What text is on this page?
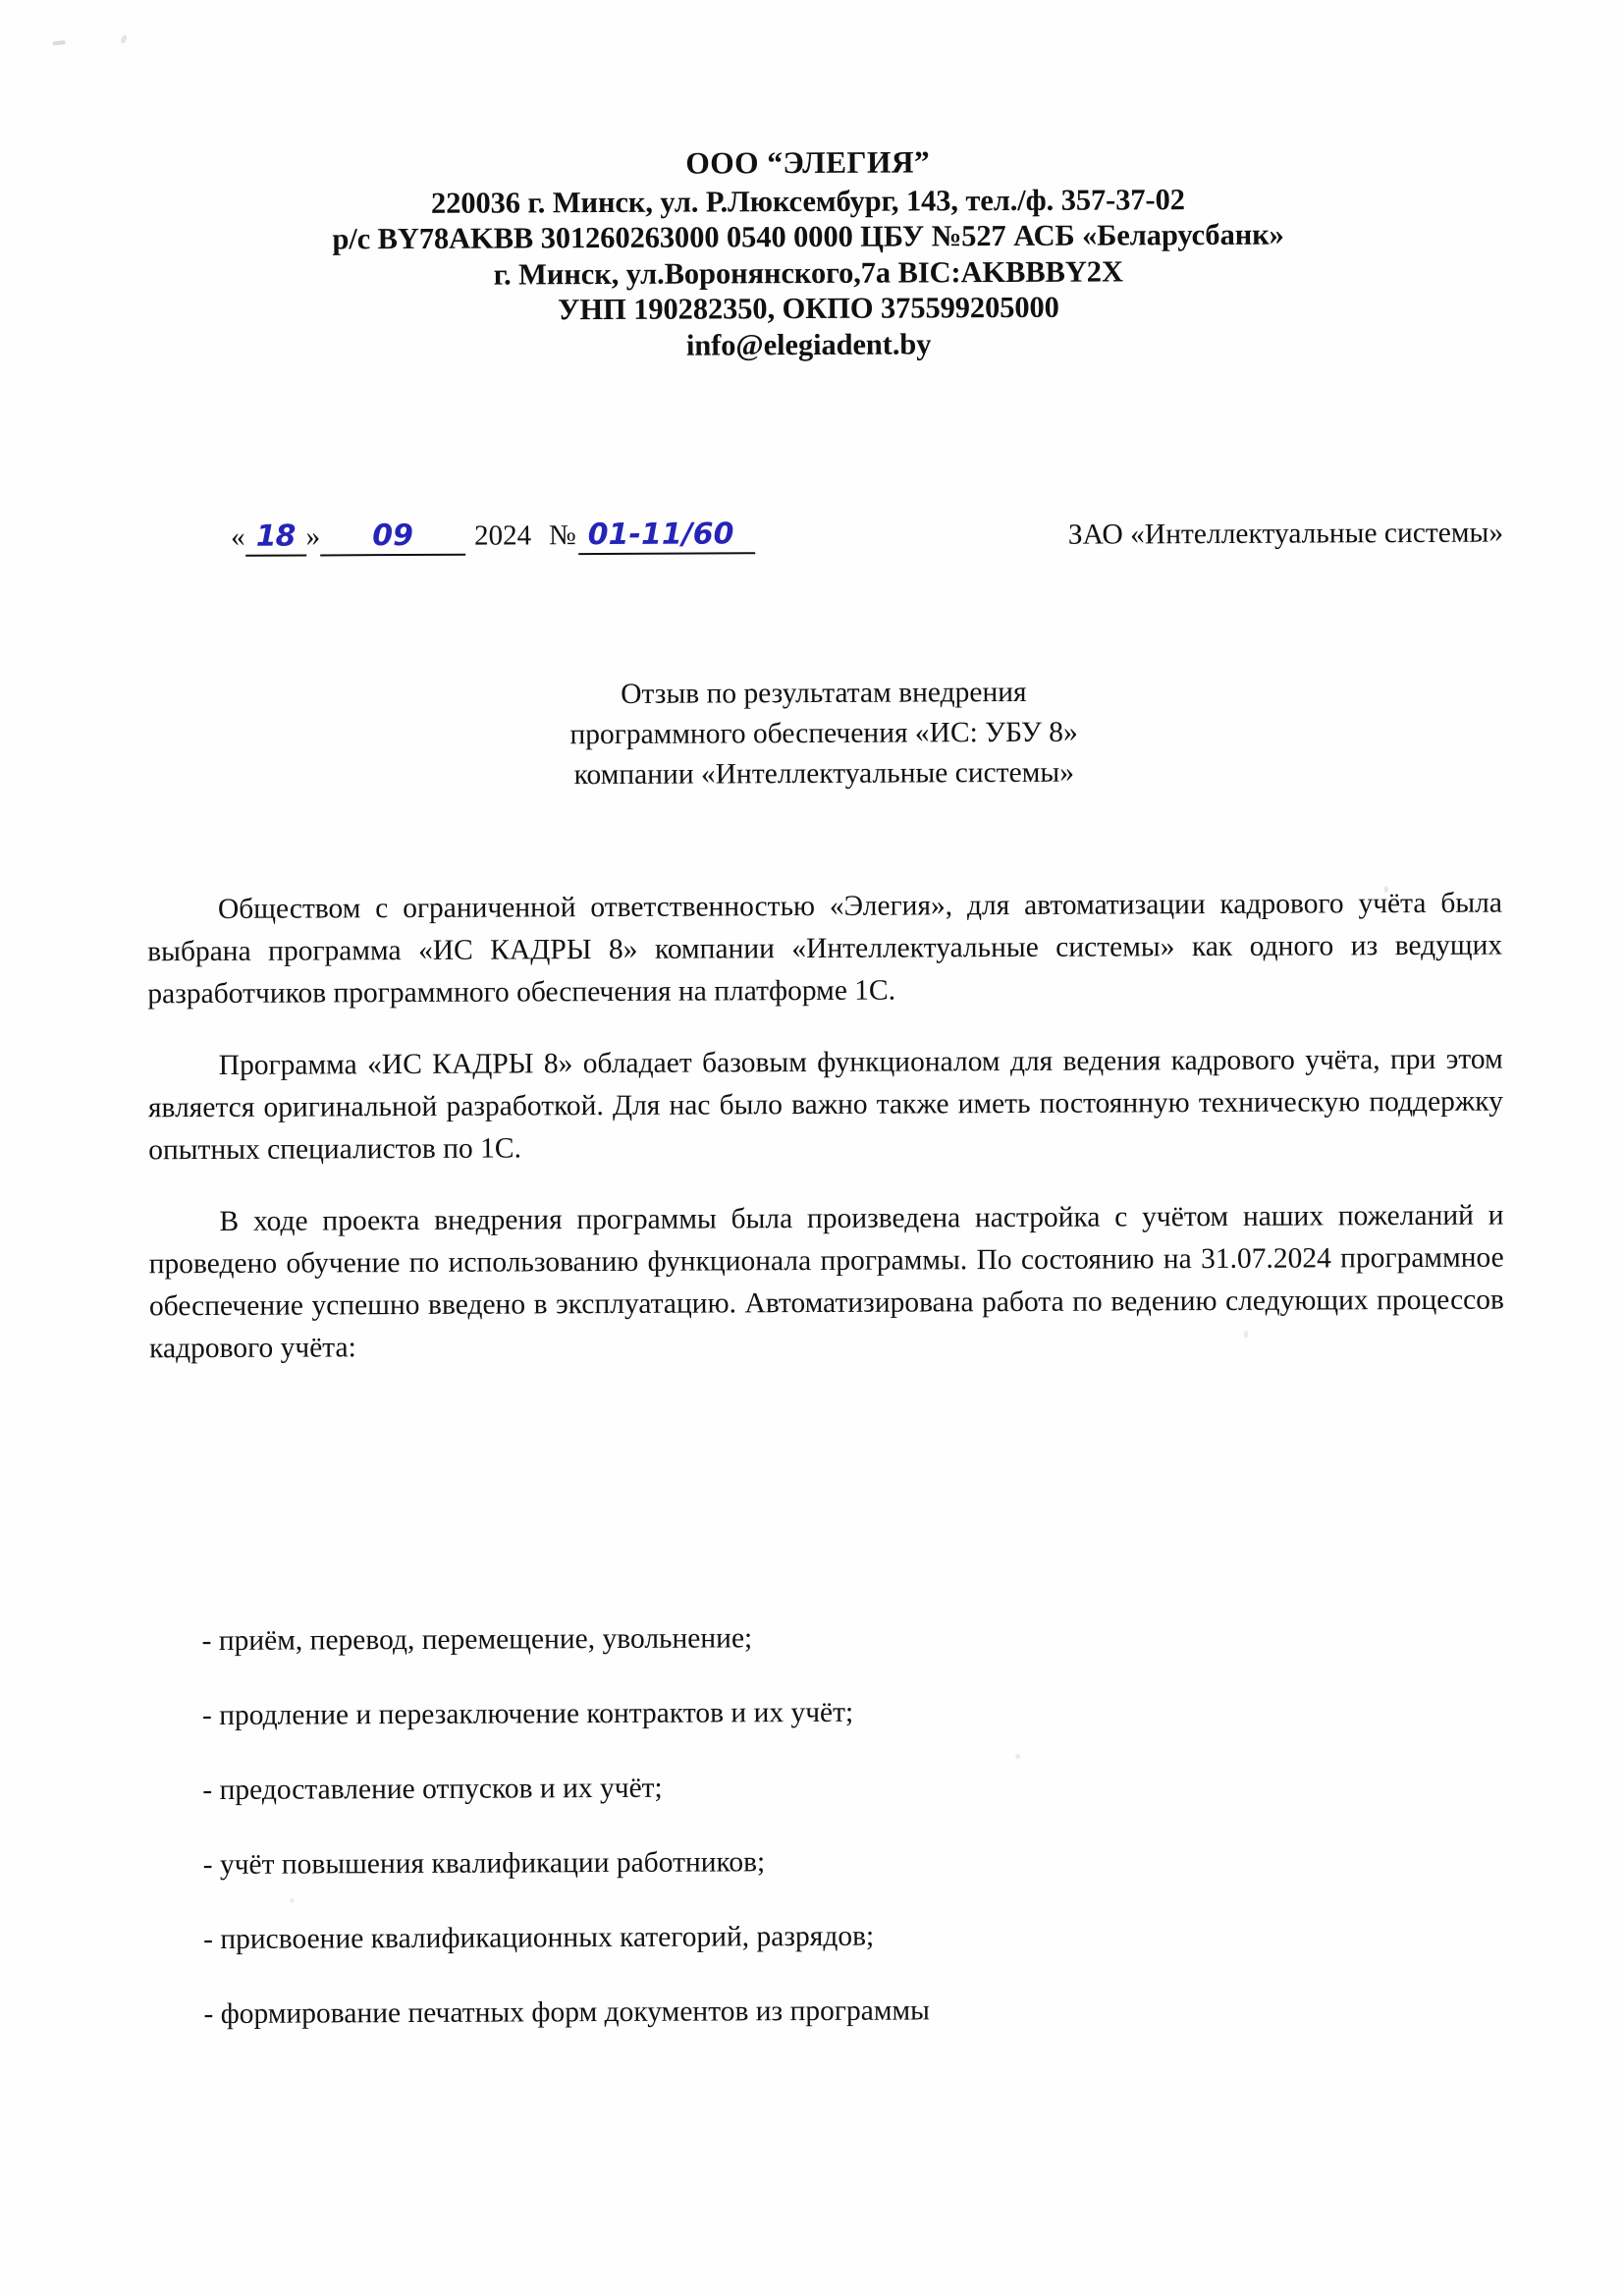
ООО “ЭЛЕГИЯ”
220036 г. Минск, ул. Р.Люксембург, 143, тел./ф. 357-37-02
р/с BY78AKBB 301260263000 0540 0000 ЦБУ №527 АСБ «Беларусбанк»
г. Минск, ул.Воронянского,7а BIC:AKBBBY2X
УНП 190282350, ОКПО 375599205000
info@elegiadent.by
« 18 »	09	2024 № 01-11/60	ЗАО «Интеллектуальные системы»
Отзыв по результатам внедрения
программного обеспечения «ИС: УБУ 8»
компании «Интеллектуальные системы»

Обществом с ограниченной ответственностью «Элегия», для автоматизации кадрового учёта была выбрана программа «ИС КАДРЫ 8» компании «Интеллектуальные системы» как одного из ведущих разработчиков программного обеспечения на платформе 1С.

Программа «ИС КАДРЫ 8» обладает базовым функционалом для ведения кадрового учёта, при этом является оригинальной разработкой. Для нас было важно также иметь постоянную техническую поддержку опытных специалистов по 1С.

В ходе проекта внедрения программы была произведена настройка с учётом наших пожеланий и проведено обучение по использованию функционала программы. По состоянию на 31.07.2024 программное обеспечение успешно введено в эксплуатацию. Автоматизирована работа по ведению следующих процессов кадрового учёта:

- приём, перевод, перемещение, увольнение;
- продление и перезаключение контрактов и их учёт;
- предоставление отпусков и их учёт;
- учёт повышения квалификации работников;
- присвоение квалификационных категорий, разрядов;
- формирование печатных форм документов из программы
